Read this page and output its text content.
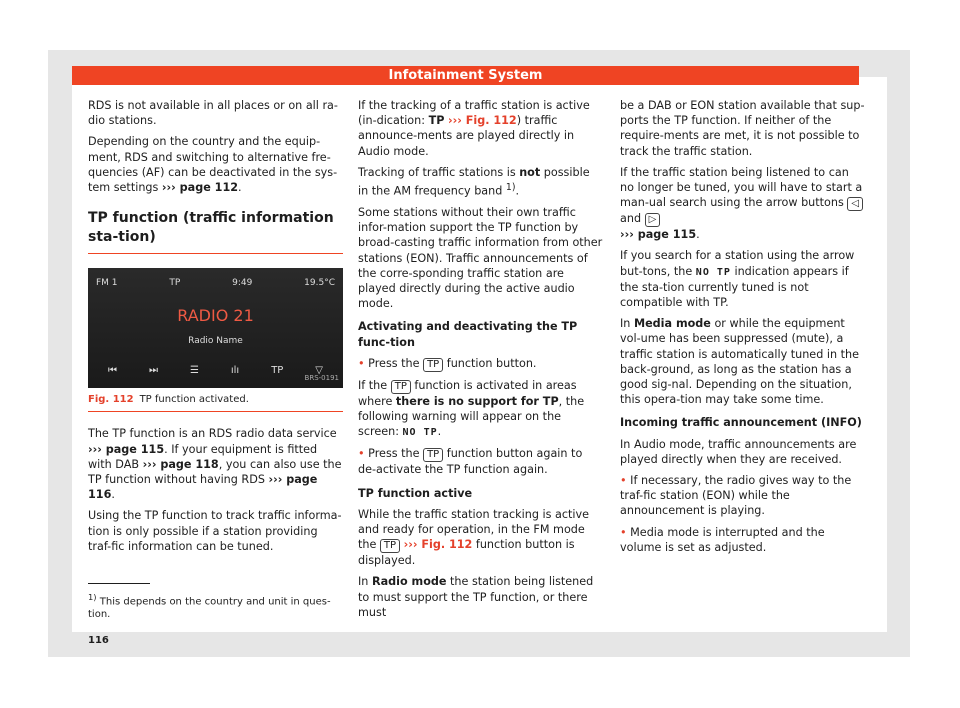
Infotainment System

RDS is not available in all places or on all ra-dio stations.

Depending on the country and the equip-ment, RDS and switching to alternative fre-quencies (AF) can be deactivated in the sys-tem settings ››› page 112.

TP function (traffic information sta-tion)

FM 1	TP	9:49	19.5°C
RADIO 21
Radio Name
⏮	⏭	☰	ılı	TP	▽
BRS-0191
Fig. 112 TP function activated.

The TP function is an RDS radio data service ››› page 115. If your equipment is fitted with DAB ››› page 118, you can also use the TP function without having RDS ››› page 116.

Using the TP function to track traffic informa-tion is only possible if a station providing traf-fic information can be tuned.

If the tracking of a traffic station is active (in-dication: TP ››› Fig. 112) traffic announce-ments are played directly in Audio mode.

Tracking of traffic stations is not possible in the AM frequency band $^{1)}$.

Some stations without their own traffic infor-mation support the TP function by broad-casting traffic information from other stations (EON). Traffic announcements of the corre-sponding traffic station are played directly during the active audio mode.

Activating and deactivating the TP func-tion

• Press the TP function button.

If the TP function is activated in areas where there is no support for TP, the following warning will appear on the screen: NO TP.

• Press the TP function button again to de-activate the TP function again.

TP function active

While the traffic station tracking is active and ready for operation, in the FM mode the TP ››› Fig. 112 function button is displayed.

In Radio mode the station being listened to must support the TP function, or there must

be a DAB or EON station available that sup-ports the TP function. If neither of the require-ments are met, it is not possible to track the traffic station.

If the traffic station being listened to can no longer be tuned, you will have to start a man-ual search using the arrow buttons ◁ and ▷
››› page 115.

If you search for a station using the arrow but-tons, the NO TP indication appears if the sta-tion currently tuned is not compatible with TP.

In Media mode or while the equipment vol-ume has been suppressed (mute), a traffic station is automatically tuned in the back-ground, as long as the station has a good sig-nal. Depending on the situation, this opera-tion may take some time.

Incoming traffic announcement (INFO)

In Audio mode, traffic announcements are played directly when they are received.

• If necessary, the radio gives way to the traf-fic station (EON) while the announcement is playing.

• Media mode is interrupted and the volume is set as adjusted.

$^{1)}$ This depends on the country and unit in ques-tion.
116
